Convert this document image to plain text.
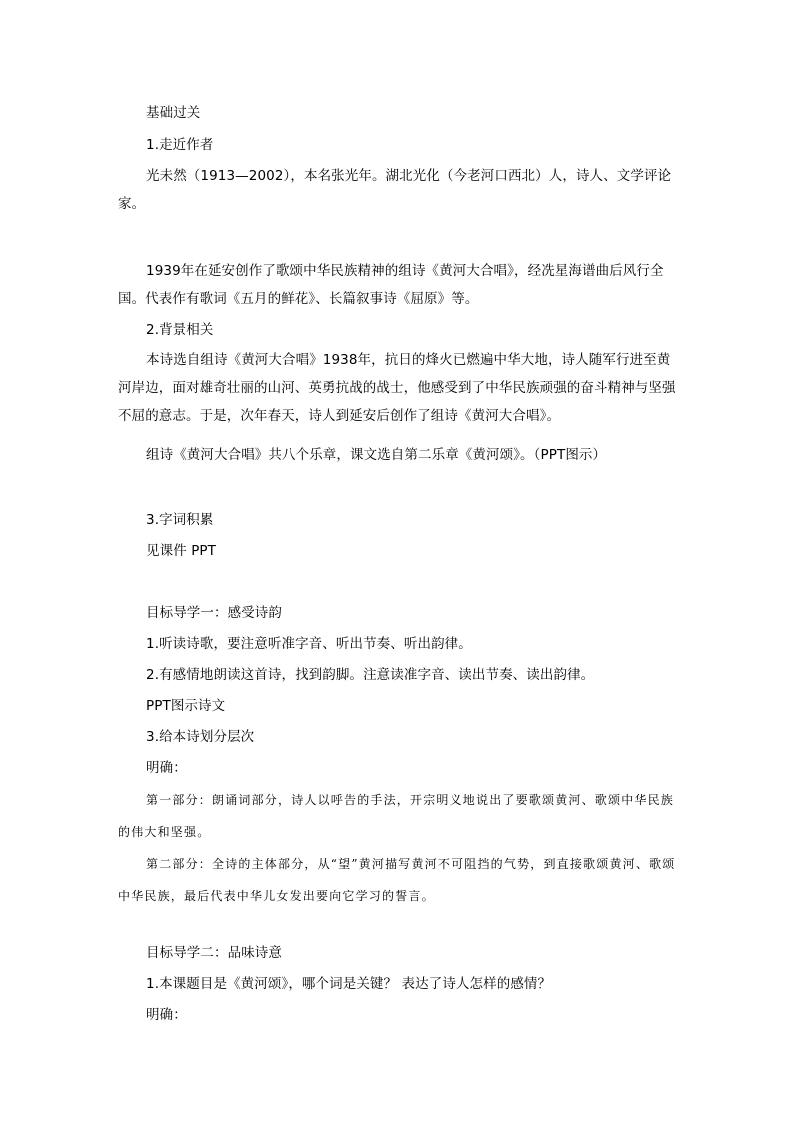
基础过关
1.走近作者
光未然（1913—2002），本名张光年。湖北光化（今老河口西北）人，诗人、文学评论家。
1939年在延安创作了歌颂中华民族精神的组诗《黄河大合唱》，经冼星海谱曲后风行全国。代表作有歌词《五月的鲜花》、长篇叙事诗《屈原》等。
2.背景相关
本诗选自组诗《黄河大合唱》1938年，抗日的烽火已燃遍中华大地，诗人随军行进至黄河岸边，面对雄奇壮丽的山河、英勇抗战的战士，他感受到了中华民族顽强的奋斗精神与坚强不屈的意志。于是，次年春天，诗人到延安后创作了组诗《黄河大合唱》。
组诗《黄河大合唱》共八个乐章，课文选自第二乐章《黄河颂》。（PPT图示）
3.字词积累
见课件 PPT
目标导学一：感受诗韵
1.听读诗歌，要注意听准字音、听出节奏、听出韵律。
2.有感情地朗读这首诗，找到韵脚。注意读准字音、读出节奏、读出韵律。
PPT图示诗文
3.给本诗划分层次
明确：
第一部分：朗诵词部分，诗人以呼告的手法，开宗明义地说出了要歌颂黄河、歌颂中华民族的伟大和坚强。
第二部分：全诗的主体部分，从“望”黄河描写黄河不可阻挡的气势，到直接歌颂黄河、歌颂中华民族，最后代表中华儿女发出要向它学习的誓言。
目标导学二：品味诗意
1.本课题目是《黄河颂》，哪个词是关键？ 表达了诗人怎样的感情？
明确：
